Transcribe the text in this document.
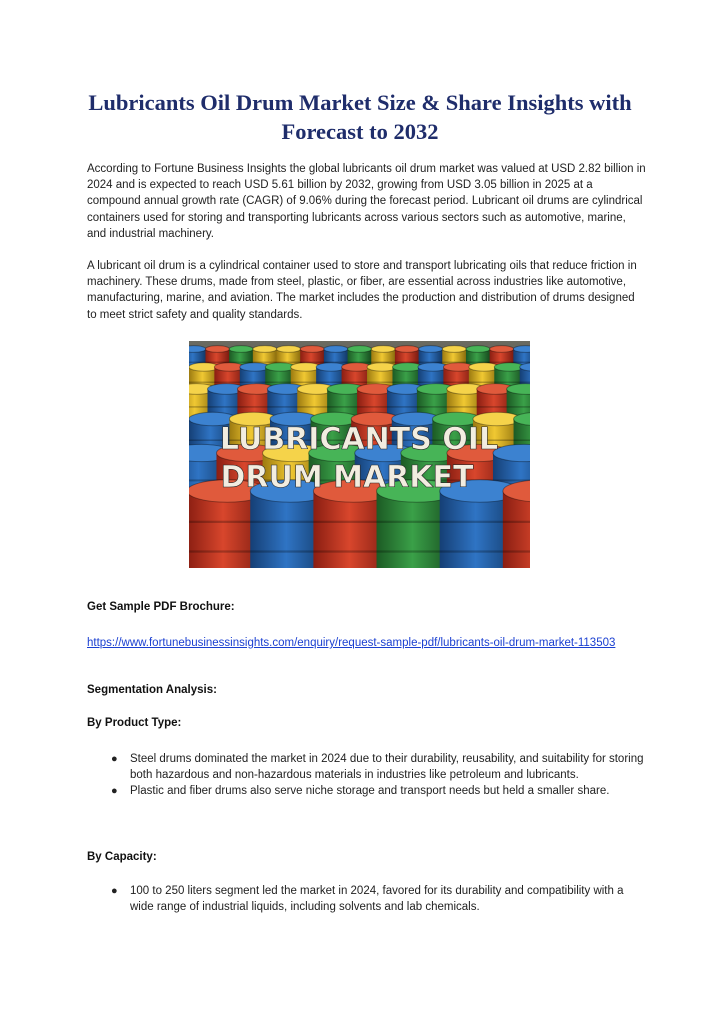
Lubricants Oil Drum Market Size & Share Insights with Forecast to 2032

According to Fortune Business Insights the global lubricants oil drum market was valued at USD 2.82 billion in 2024 and is expected to reach USD 5.61 billion by 2032, growing from USD 3.05 billion in 2025 at a compound annual growth rate (CAGR) of 9.06% during the forecast period. Lubricant oil drums are cylindrical containers used for storing and transporting lubricants across various sectors such as automotive, marine, and industrial machinery.

A lubricant oil drum is a cylindrical container used to store and transport lubricating oils that reduce friction in machinery. These drums, made from steel, plastic, or fiber, are essential across industries like automotive, manufacturing, marine, and aviation. The market includes the production and distribution of drums designed to meet strict safety and quality standards.

LUBRICANTS OIL
DRUM MARKET

Get Sample PDF Brochure:

https://www.fortunebusinessinsights.com/enquiry/request-sample-pdf/lubricants-oil-drum-market-113503

Segmentation Analysis:

By Product Type:

● Steel drums dominated the market in 2024 due to their durability, reusability, and suitability for storing both hazardous and non-hazardous materials in industries like petroleum and lubricants.
● Plastic and fiber drums also serve niche storage and transport needs but held a smaller share.

By Capacity:

● 100 to 250 liters segment led the market in 2024, favored for its durability and compatibility with a wide range of industrial liquids, including solvents and lab chemicals.
